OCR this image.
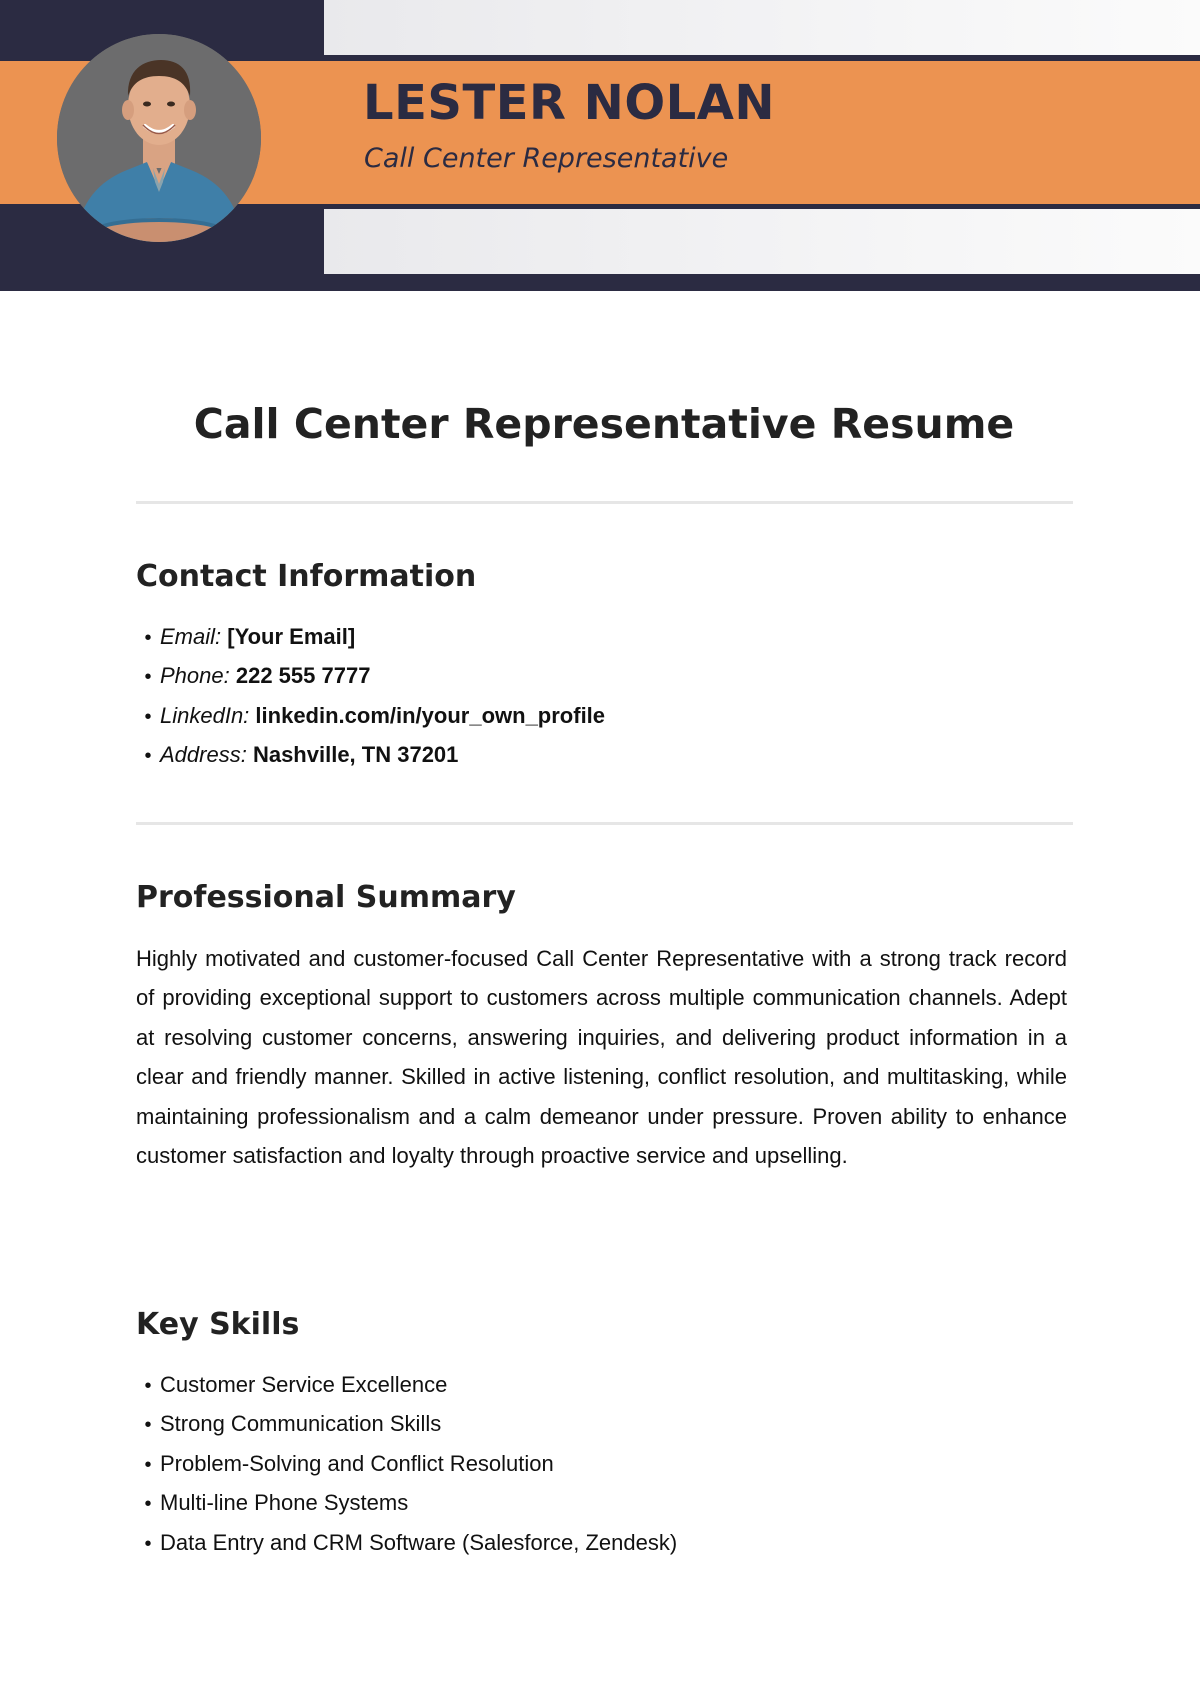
LESTER NOLAN

Call Center Representative

Call Center Representative Resume
Contact Information
• Email: [Your Email]
• Phone: 222 555 7777
• LinkedIn: linkedin.com/in/your_own_profile
• Address: Nashville, TN 37201
Professional Summary

Highly motivated and customer-focused Call Center Representative with a strong track record of providing exceptional support to customers across multiple communication channels. Adept at resolving customer concerns, answering inquiries, and delivering product information in a clear and friendly manner. Skilled in active listening, conflict resolution, and multitasking, while maintaining professionalism and a calm demeanor under pressure. Proven ability to enhance customer satisfaction and loyalty through proactive service and upselling.

Key Skills
• Customer Service Excellence
• Strong Communication Skills
• Problem-Solving and Conflict Resolution
• Multi-line Phone Systems
• Data Entry and CRM Software (Salesforce, Zendesk)
